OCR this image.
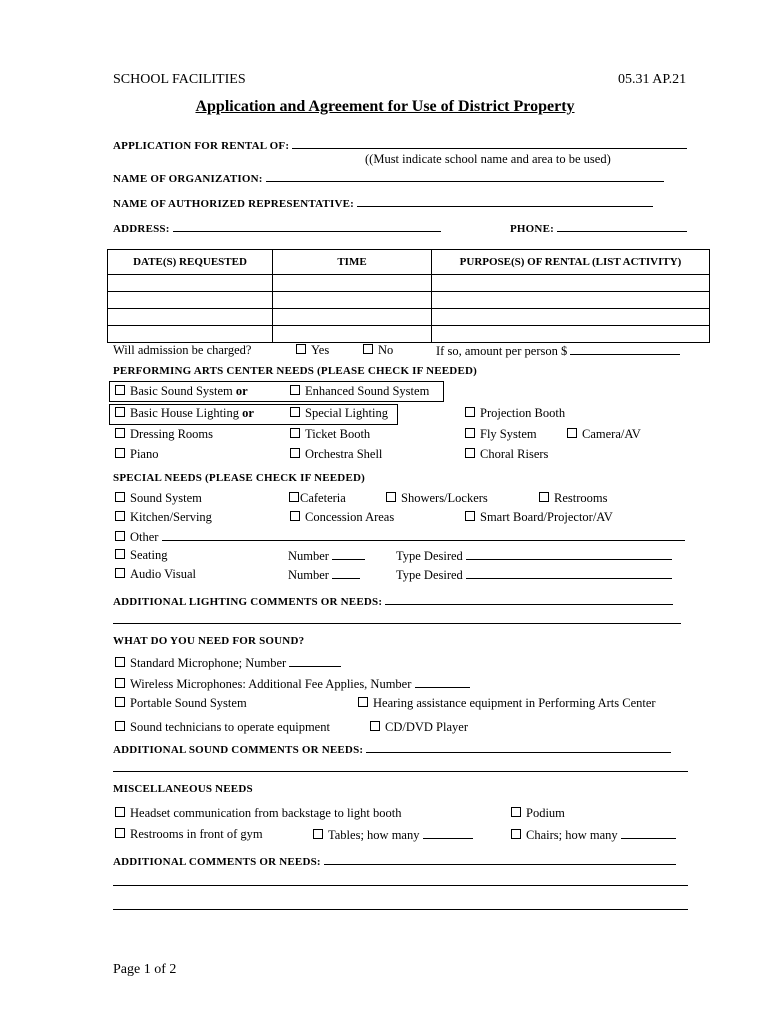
SCHOOL FACILITIES	05.31 AP.21
Application and Agreement for Use of District Property
APPLICATION FOR RENTAL OF:
((Must indicate school name and area to be used)
NAME OF ORGANIZATION:
NAME OF AUTHORIZED REPRESENTATIVE:
ADDRESS:	PHONE:
DATE(S) REQUESTED	TIME	PURPOSE(S) OF RENTAL (LIST ACTIVITY)

Will admission be charged?	Yes	No	If so, amount per person $
PERFORMING ARTS CENTER NEEDS (PLEASE CHECK IF NEEDED)
Basic Sound System or	Enhanced Sound System
Basic House Lighting or	Special Lighting	Projection Booth
Dressing Rooms	Ticket Booth	Fly System	Camera/AV
Piano	Orchestra Shell	Choral Risers
SPECIAL NEEDS (PLEASE CHECK IF NEEDED)
Sound System	Cafeteria	Showers/Lockers	Restrooms
Kitchen/Serving	Concession Areas	Smart Board/Projector/AV
Other
Seating	Number	Type Desired
Audio Visual	Number	Type Desired
ADDITIONAL LIGHTING COMMENTS OR NEEDS:
WHAT DO YOU NEED FOR SOUND?
Standard Microphone; Number
Wireless Microphones: Additional Fee Applies, Number
Portable Sound System	Hearing assistance equipment in Performing Arts Center
Sound technicians to operate equipment	CD/DVD Player
ADDITIONAL SOUND COMMENTS OR NEEDS:
MISCELLANEOUS NEEDS
Headset communication from backstage to light booth	Podium
Restrooms in front of gym	Tables; how many	Chairs; how many
ADDITIONAL COMMENTS OR NEEDS:
Page 1 of 2
